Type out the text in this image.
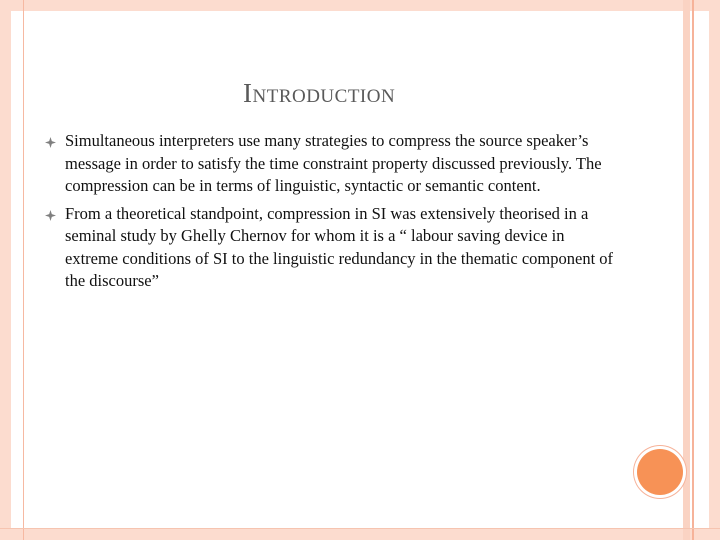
Introduction
Simultaneous interpreters use many strategies to compress the source speaker’s message in order to satisfy the time constraint property discussed previously. The compression can be in terms of linguistic, syntactic or semantic content.
From a theoretical standpoint, compression in SI was extensively theorised in a seminal study by Ghelly Chernov for whom it is a “ labour saving device in extreme conditions of SI to the linguistic redundancy in the thematic component of the discourse”
